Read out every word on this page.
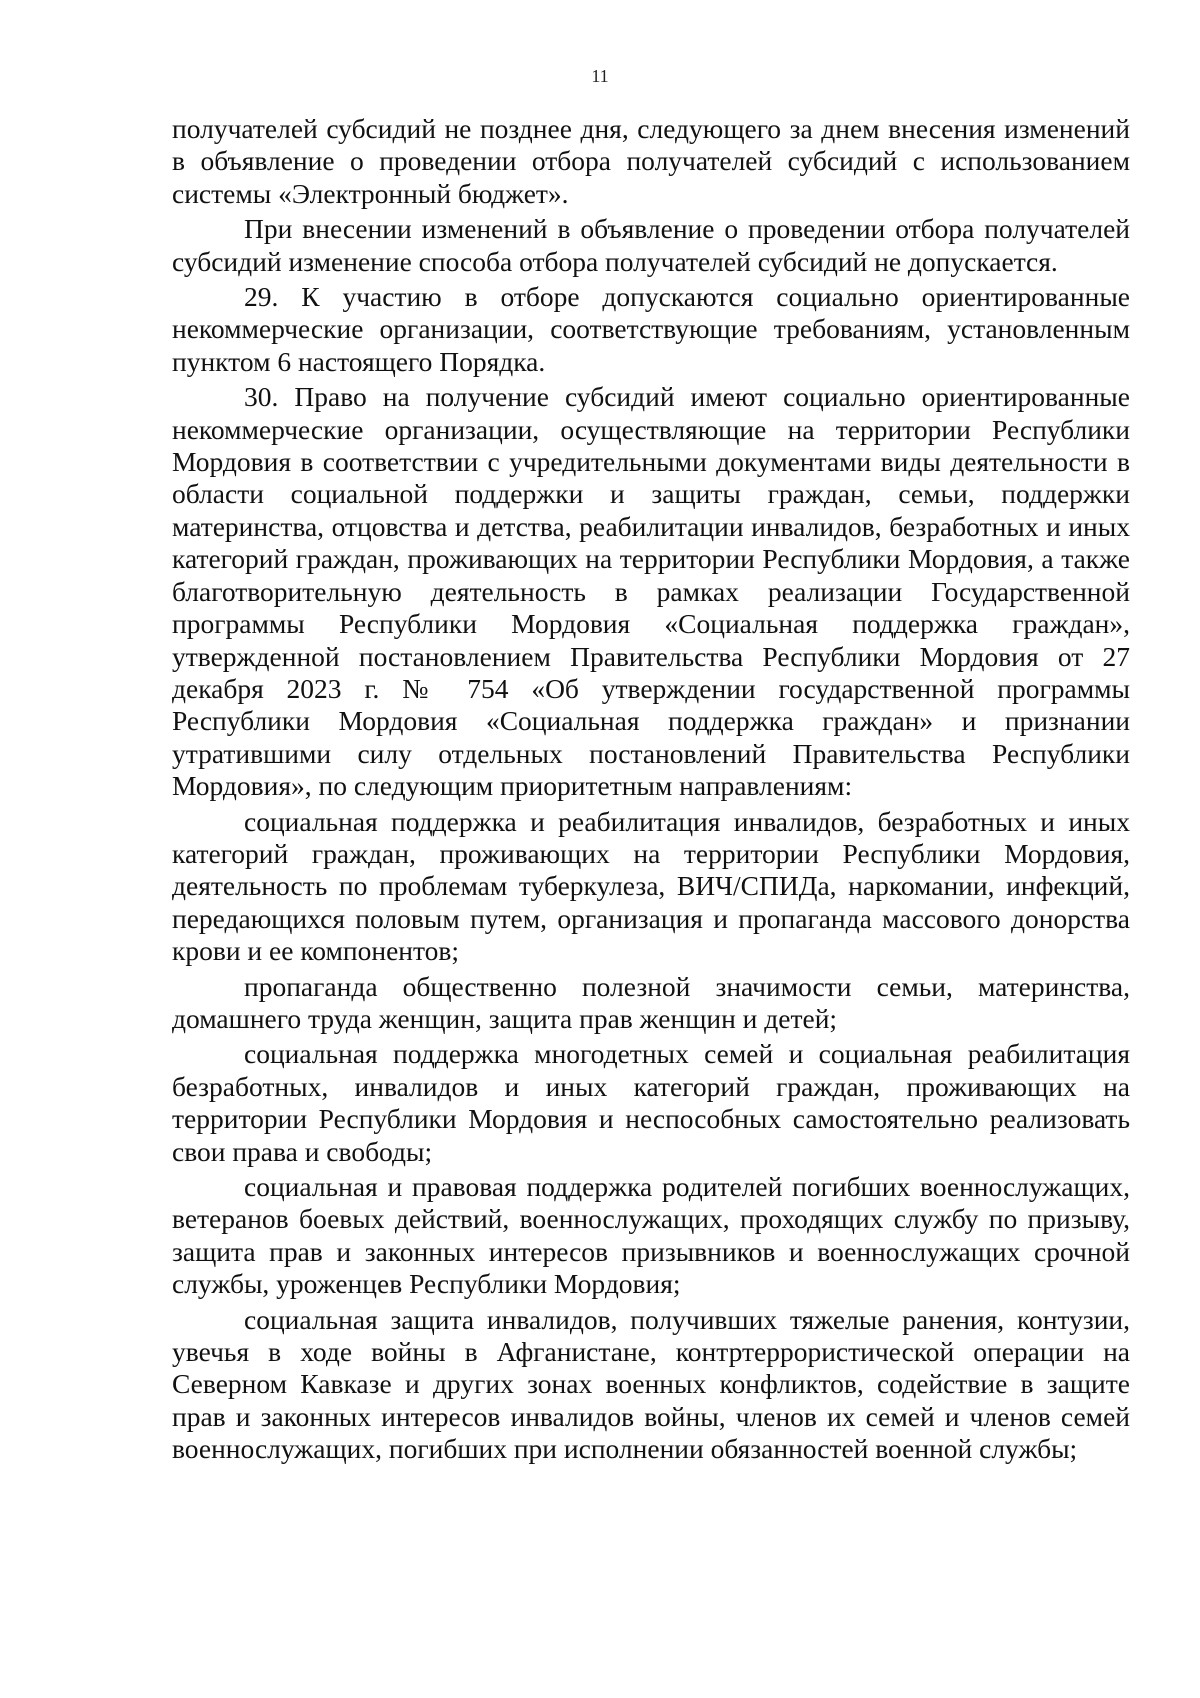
11

получателей субсидий не позднее дня, следующего за днем внесения изменений в объявление о проведении отбора получателей субсидий с использованием системы «Электронный бюджет».

При внесении изменений в объявление о проведении отбора получателей субсидий изменение способа отбора получателей субсидий не допускается.

29. К участию в отборе допускаются социально ориентированные некоммерческие организации, соответствующие требованиям, установленным пунктом 6 настоящего Порядка.

30. Право на получение субсидий имеют социально ориентированные некоммерческие организации, осуществляющие на территории Республики Мордовия в соответствии с учредительными документами виды деятельности в области социальной поддержки и защиты граждан, семьи, поддержки материнства, отцовства и детства, реабилитации инвалидов, безработных и иных категорий граждан, проживающих на территории Республики Мордовия, а также благотворительную деятельность в рамках реализации Государственной программы Республики Мордовия «Социальная поддержка граждан», утвержденной постановлением Правительства Республики Мордовия от 27 декабря 2023 г. № 754 «Об утверждении государственной программы Республики Мордовия «Социальная поддержка граждан» и признании утратившими силу отдельных постановлений Правительства Республики Мордовия», по следующим приоритетным направлениям:

социальная поддержка и реабилитация инвалидов, безработных и иных категорий граждан, проживающих на территории Республики Мордовия, деятельность по проблемам туберкулеза, ВИЧ/СПИДа, наркомании, инфекций, передающихся половым путем, организация и пропаганда массового донорства крови и ее компонентов;

пропаганда общественно полезной значимости семьи, материнства, домашнего труда женщин, защита прав женщин и детей;

социальная поддержка многодетных семей и социальная реабилитация безработных, инвалидов и иных категорий граждан, проживающих на территории Республики Мордовия и неспособных самостоятельно реализовать свои права и свободы;

социальная и правовая поддержка родителей погибших военнослужащих, ветеранов боевых действий, военнослужащих, проходящих службу по призыву, защита прав и законных интересов призывников и военнослужащих срочной службы, уроженцев Республики Мордовия;

социальная защита инвалидов, получивших тяжелые ранения, контузии, увечья в ходе войны в Афганистане, контртеррористической операции на Северном Кавказе и других зонах военных конфликтов, содействие в защите прав и законных интересов инвалидов войны, членов их семей и членов семей военнослужащих, погибших при исполнении обязанностей военной службы;
